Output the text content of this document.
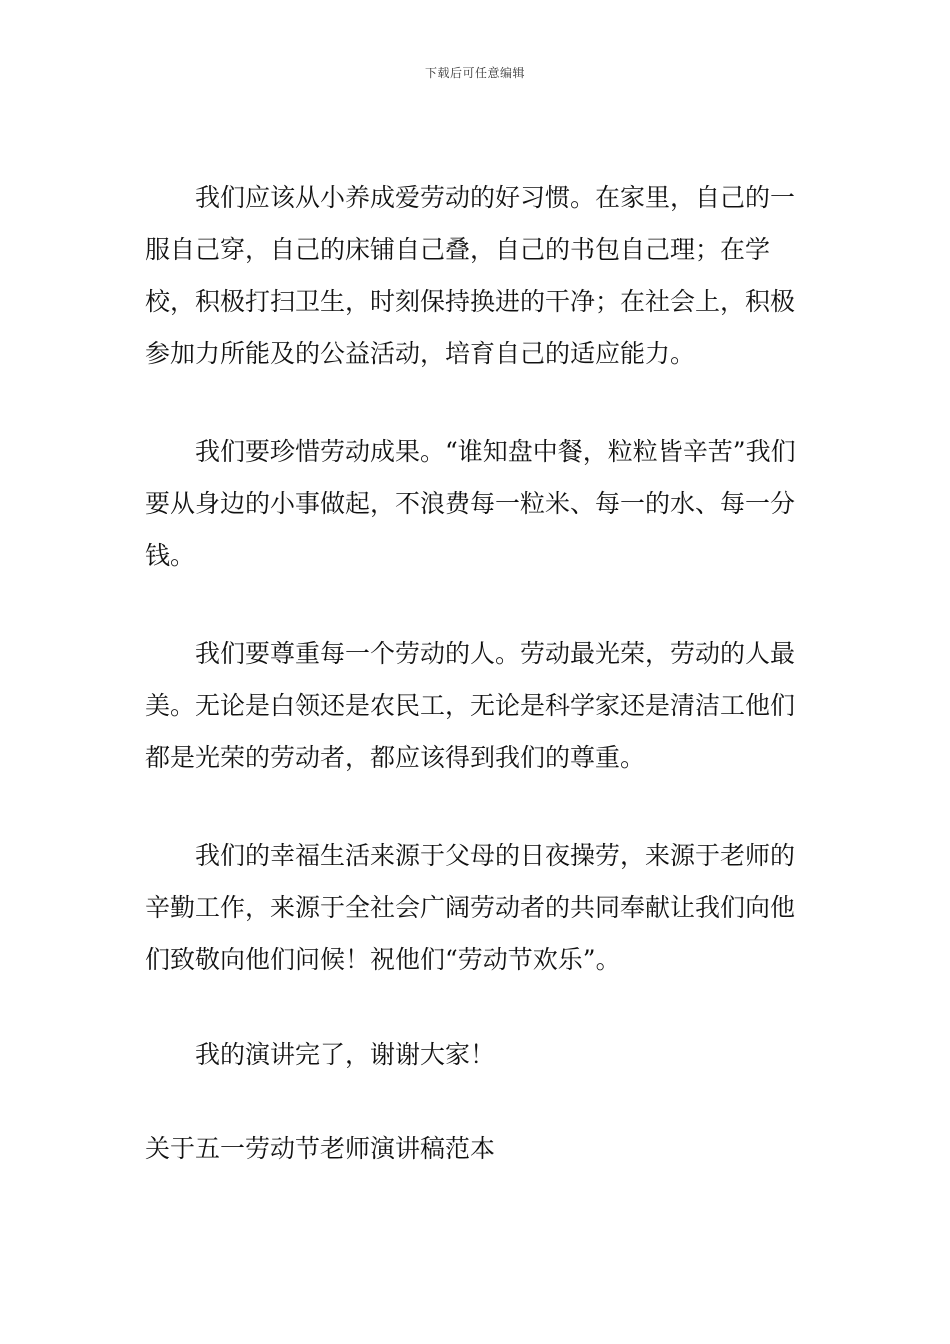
下载后可任意编辑

我们应该从小养成爱劳动的好习惯。在家里，自己的一服自己穿，自己的床铺自己叠，自己的书包自己理；在学校，积极打扫卫生，时刻保持换进的干净；在社会上，积极参加力所能及的公益活动，培育自己的适应能力。

我们要珍惜劳动成果。“谁知盘中餐，粒粒皆辛苦”我们要从身边的小事做起，不浪费每一粒米、每一的水、每一分钱。

我们要尊重每一个劳动的人。劳动最光荣，劳动的人最美。无论是白领还是农民工，无论是科学家还是清洁工他们都是光荣的劳动者，都应该得到我们的尊重。

我们的幸福生活来源于父母的日夜操劳，来源于老师的辛勤工作，来源于全社会广阔劳动者的共同奉献让我们向他们致敬向他们问候！祝他们“劳动节欢乐”。

我的演讲完了，谢谢大家！

关于五一劳动节老师演讲稿范本
